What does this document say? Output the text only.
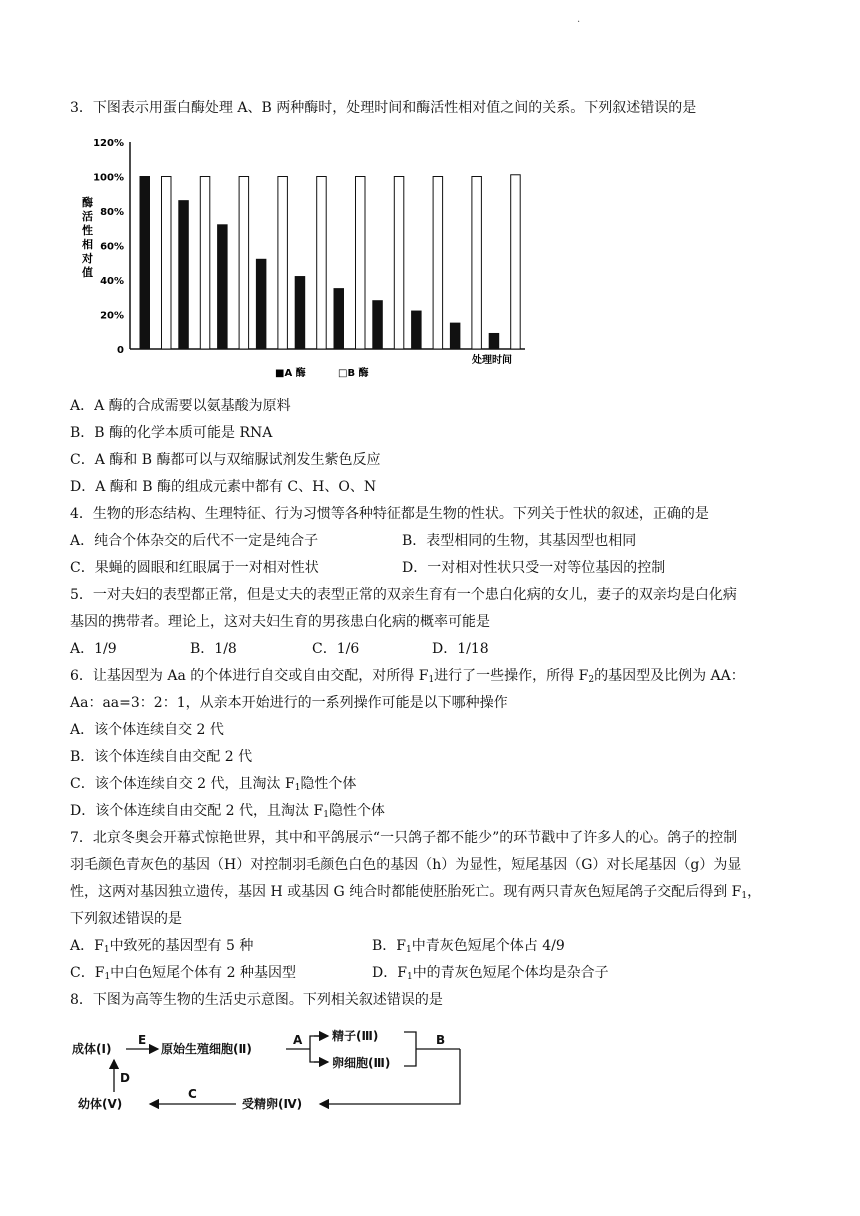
.
3．下图表示用蛋白酶处理 A、B 两种酶时，处理时间和酶活性相对值之间的关系。下列叙述错误的是
酶
活
性
相
对
值
120%
100%
80%
60%
40%
20%
0
处理时间
■A 酶	□B 酶
A．A 酶的合成需要以氨基酸为原料
B．B 酶的化学本质可能是 RNA
C．A 酶和 B 酶都可以与双缩脲试剂发生紫色反应
D．A 酶和 B 酶的组成元素中都有 C、H、O、N
4．生物的形态结构、生理特征、行为习惯等各种特征都是生物的性状。下列关于性状的叙述，正确的是
A．纯合个体杂交的后代不一定是纯合子	B．表型相同的生物，其基因型也相同
C．果蝇的圆眼和红眼属于一对相对性状	D．一对相对性状只受一对等位基因的控制
5．一对夫妇的表型都正常，但是丈夫的表型正常的双亲生育有一个患白化病的女儿，妻子的双亲均是白化病
基因的携带者。理论上，这对夫妇生育的男孩患白化病的概率可能是
A．1/9	B．1/8	C．1/6	D．1/18
6．让基因型为 Aa 的个体进行自交或自由交配，对所得 $F_1$进行了一些操作，所得 $F_2$的基因型及比例为 AA：
Aa：aa=3：2：1，从亲本开始进行的一系列操作可能是以下哪种操作
A．该个体连续自交 2 代
B．该个体连续自由交配 2 代
C．该个体连续自交 2 代，且淘汰 $F_1$隐性个体
D．该个体连续自由交配 2 代，且淘汰 $F_1$隐性个体
7．北京冬奥会开幕式惊艳世界，其中和平鸽展示“一只鸽子都不能少”的环节戳中了许多人的心。鸽子的控制
羽毛颜色青灰色的基因（H）对控制羽毛颜色白色的基因（h）为显性，短尾基因（G）对长尾基因（g）为显
性，这两对基因独立遗传，基因 H 或基因 G 纯合时都能使胚胎死亡。现有两只青灰色短尾鸽子交配后得到 $F_1$，
下列叙述错误的是
A．$F_1$中致死的基因型有 5 种	B．$F_1$中青灰色短尾个体占 4/9
C．$F_1$中白色短尾个体有 2 种基因型	D．$F_1$中的青灰色短尾个体均是杂合子
8．下图为高等生物的生活史示意图。下列相关叙述错误的是
成体(Ⅰ)
E
原始生殖细胞(Ⅱ)
A 精子(Ⅲ)
卵细胞(Ⅲ)
B
受精卵(Ⅳ)
C
幼体(Ⅴ)
D
